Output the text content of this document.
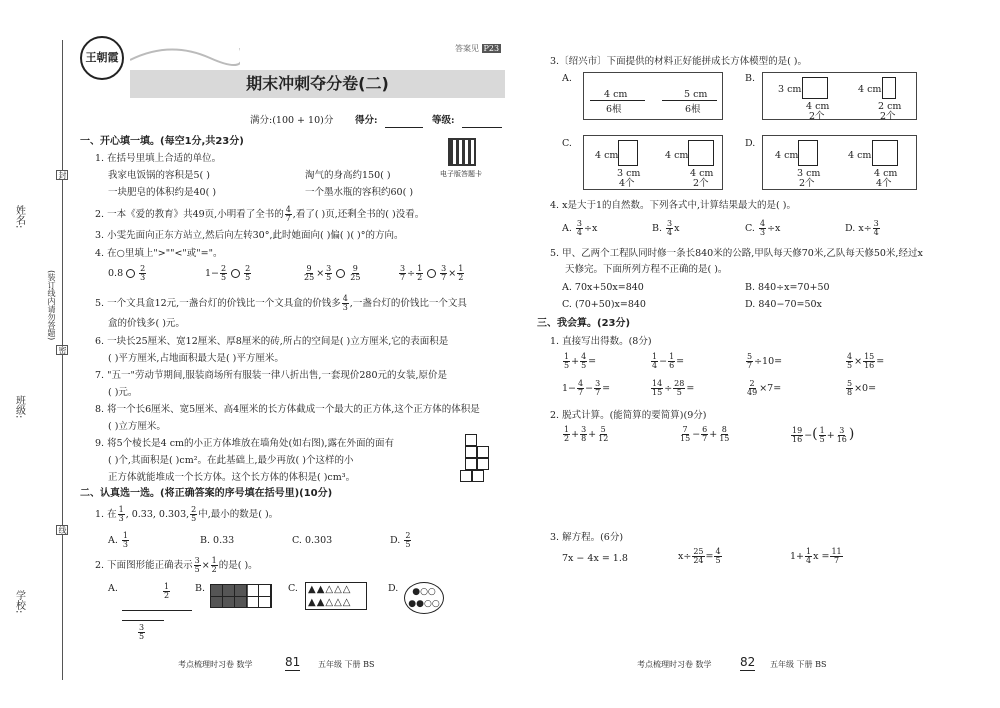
姓名:
班级:
学校:
(装订线内请勿答题)
封
密
线
王朝霞
答案见 P23
期末冲刺夺分卷(二)
满分:(100 + 10)分 得分:	等级:
电子版答题卡
一、开心填一填。(每空1分,共23分)
1. 在括号里填上合适的单位。
我家电饭锅的容积是5( )	淘气的身高约150( )
一块肥皂的体积约是40( )	一个墨水瓶的容积约60( )
2. 一本《爱的教育》共49页,小明看了全书的 $\frac{4}{7}$ ,看了( )页,还剩全书的( )没看。
3. 小雯先面向正东方站立,然后向左转30°,此时她面向( )偏( )( )°的方向。
4. 在○里填上">""<"或"="。
$0.8 \frac{2}{3}$	$1- \frac{2}{5} \frac{2}{5}$	$\frac{9}{25} \times \frac{3}{5} \frac{9}{25}$	$\frac{3}{7} \div \frac{1}{2} \frac{3}{7} \times \frac{1}{2}$
5. 一个文具盒12元,一盏台灯的价钱比一个文具盒的价钱多 $\frac{4}{3}$ ,一盏台灯的价钱比一个文具
盒的价钱多( )元。
6. 一块长25厘米、宽12厘米、厚8厘米的砖,所占的空间是( )立方厘米,它的表面积是
( )平方厘米,占地面积最大是( )平方厘米。
7. "五一"劳动节期间,服装商场所有服装一律八折出售,一套现价280元的女装,原价是
( )元。
8. 将一个长6厘米、宽5厘米、高4厘米的长方体截成一个最大的正方体,这个正方体的体积是
( )立方厘米。
9. 将5个棱长是4 cm的小正方体堆放在墙角处(如右图),露在外面的面有
( )个,其面积是( )cm²。在此基础上,最少再放( )个这样的小
正方体就能堆成一个长方体。这个长方体的体积是( )cm³。
二、认真选一选。(将正确答案的序号填在括号里)(10分)
1. 在 $\frac{1}{3}$ , 0.33, 0.303, $\frac{2}{5}$ 中,最小的数是( )。
A. $\frac{1}{3}$	B. 0.33	C. 0.303	D. $\frac{2}{5}$
2. 下面图形能正确表示 $\frac{3}{5} \times \frac{1}{2}$ 的是( )。
A.	$\frac{1}{2}$
$\frac{3}{5}$
B.	C.	▲▲△△△
▲▲△△△
D.	●○○
●●○○
考点梳理时习卷 数学	81 五年级 下册 BS
3.〔绍兴市〕下面提供的材料正好能拼成长方体模型的是( )。
A.
4 cm
6根
5 cm
6根
B.
3 cm
4 cm
2个
4 cm
2 cm
2个
C.
4 cm
3 cm
4个
4 cm
4 cm
2个
D.
4 cm
3 cm
2个
4 cm
4 cm
4个
4. x是大于1的自然数。下列各式中,计算结果最大的是( )。
A. $\frac{3}{4} \div x$	B. $\frac{3}{4}$ x	C. $\frac{4}{3} \div x$	D. $x\div \frac{3}{4}$
5. 甲、乙两个工程队同时修一条长840米的公路,甲队每天修70米,乙队每天修50米,经过x
天修完。下面所列方程不正确的是( )。
A. 70x+50x=840	B. 840÷x=70+50
C. (70+50)x=840	D. 840−70=50x
三、我会算。(23分)
1. 直接写出得数。(8分)
$\frac{1}{5} + \frac{4}{5}$ =	$\frac{1}{4} - \frac{1}{6}$ =	$\frac{5}{7} \div 10=$	$\frac{4}{5} \times \frac{15}{16}$ =
$1- \frac{4}{7} - \frac{3}{7}$ =	$\frac{14}{15} \div \frac{28}{5}$ =	$\frac{2}{49} \times 7=$	$\frac{5}{8} \times 0=$
2. 脱式计算。(能简算的要简算)(9分)
$\frac{1}{2} + \frac{3}{8} + \frac{5}{12}$	$\frac{7}{15} - \frac{6}{7} + \frac{8}{15}$	$\frac{19}{16}$ −( $\frac{1}{5} + \frac{3}{16}$ )
3. 解方程。(6分)
7x − 4x = 1.8	$x\div \frac{25}{24} = \frac{4}{5}$	$1+ \frac{1}{4}$ $x = \frac{11}{7}$
考点梳理时习卷 数学 82 五年级 下册 BS
